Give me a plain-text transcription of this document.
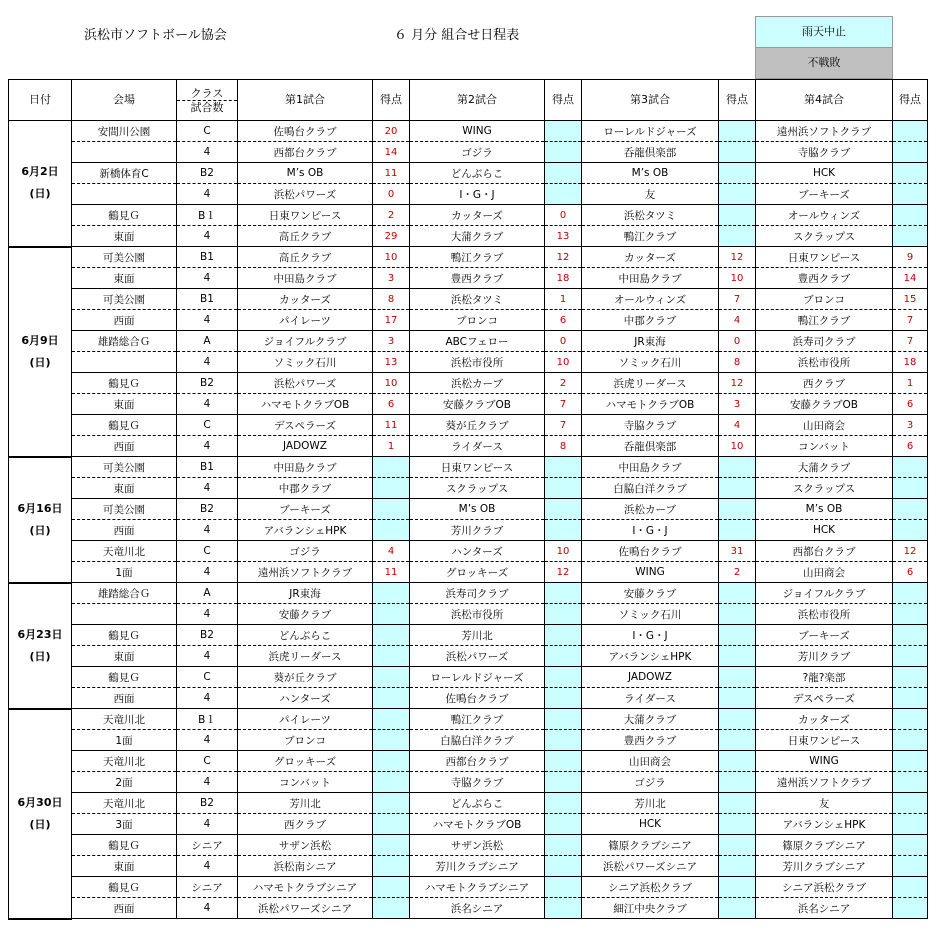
浜松市ソフトボール協会	６ 月分 組合せ日程表	雨天中止
不戦敗
日付	会場	クラス
試合数	第1試合	得点	第2試合	得点	第3試合	得点	第4試合	得点

6月2日
(日)	安間川公園	C	佐鳴台クラブ	20	WING		ローレルドジャーズ		遠州浜ソフトクラブ	
		4	西都台クラブ	14	ゴジラ		呑龍倶楽部		寺脇クラブ	
	新橋体育C	B2	M’s OB	11	どんぶらこ		M’s OB		HCK	
		4	浜松パワーズ	0	I・G・J		友		ブーキーズ	
	鶴見Ｇ	B１	日東ワンピース	2	カッターズ	0	浜松タツミ		オールウィンズ	
	東面	4	高丘クラブ	29	大蒲クラブ	13	鴨江クラブ		スクラップス	

6月9日
(日)	可美公園	B1	高丘クラブ	10	鴨江クラブ	12	カッターズ	12	日東ワンピース	9
	東面	4	中田島クラブ	3	豊西クラブ	18	中田島クラブ	10	豊西クラブ	14
	可美公園	B1	カッターズ	8	浜松タツミ	1	オールウィンズ	7	ブロンコ	15
	西面	4	パイレーツ	17	ブロンコ	6	中郡クラブ	4	鴨江クラブ	7
	雄踏総合Ｇ	A	ジョイフルクラブ	3	ABCフェロー	0	JR東海	0	浜寿司クラブ	7
		4	ソミック石川	13	浜松市役所	10	ソミック石川	8	浜松市役所	18
	鶴見Ｇ	B2	浜松パワーズ	10	浜松カーブ	2	浜虎リーダース	12	西クラブ	1
	東面	4	ハマモトクラブOB	6	安藤クラブOB	7	ハマモトクラブOB	3	安藤クラブOB	6
	鶴見Ｇ	C	デスペラーズ	11	葵が丘クラブ	7	寺脇クラブ	4	山田商会	3
	西面	4	JADOWZ	1	ライダース	8	呑龍倶楽部	10	コンバット	6

6月16日
(日)	可美公園	B1	中田島クラブ		日東ワンピース		中田島クラブ		大蒲クラブ	
	東面	4	中郡クラブ		スクラップス		白脇白洋クラブ		スクラップス	
	可美公園	B2	ブーキーズ		M’s OB		浜松カーブ		M’s OB	
	西面	4	アバランシェHPK		芳川クラブ		I・G・J		HCK	
	天竜川北	C	ゴジラ	4	ハンターズ	10	佐鳴台クラブ	31	西都台クラブ	12
	1面	4	遠州浜ソフトクラブ	11	グロッキーズ	12	WING	2	山田商会	6

6月23日
(日)	雄踏総合Ｇ	A	JR東海		浜寿司クラブ		安藤クラブ		ジョイフルクラブ	
		4	安藤クラブ		浜松市役所		ソミック石川		浜松市役所	
	鶴見Ｇ	B2	どんぶらこ		芳川北		I・G・J		ブーキーズ	
	東面	4	浜虎リーダース		浜松パワーズ		アバランシェHPK		芳川クラブ	
	鶴見Ｇ	C	葵が丘クラブ		ローレルドジャーズ		JADOWZ		?龍?楽部	
	西面	4	ハンターズ		佐鳴台クラブ		ライダース		デスペラーズ	

6月30日
(日)	天竜川北	B１	パイレーツ		鴨江クラブ		大蒲クラブ		カッターズ	
	1面	4	ブロンコ		白脇白洋クラブ		豊西クラブ		日東ワンピース	
	天竜川北	C	グロッキーズ		西都台クラブ		山田商会		WING	
	2面	4	コンバット		寺脇クラブ		ゴジラ		遠州浜ソフトクラブ	
	天竜川北	B2	芳川北		どんぶらこ		芳川北		友	
	3面	4	西クラブ		ハマモトクラブOB		HCK		アバランシェHPK	
	鶴見Ｇ	シニア	サザン浜松		サザン浜松		篠原クラブシニア		篠原クラブシニア	
	東面	4	浜松南シニア		芳川クラブシニア		浜松パワーズシニア		芳川クラブシニア	
	鶴見Ｇ	シニア	ハマモトクラブシニア		ハマモトクラブシニア		シニア浜松クラブ		シニア浜松クラブ	
	西面	4	浜松パワーズシニア		浜名シニア		細江中央クラブ		浜名シニア	
